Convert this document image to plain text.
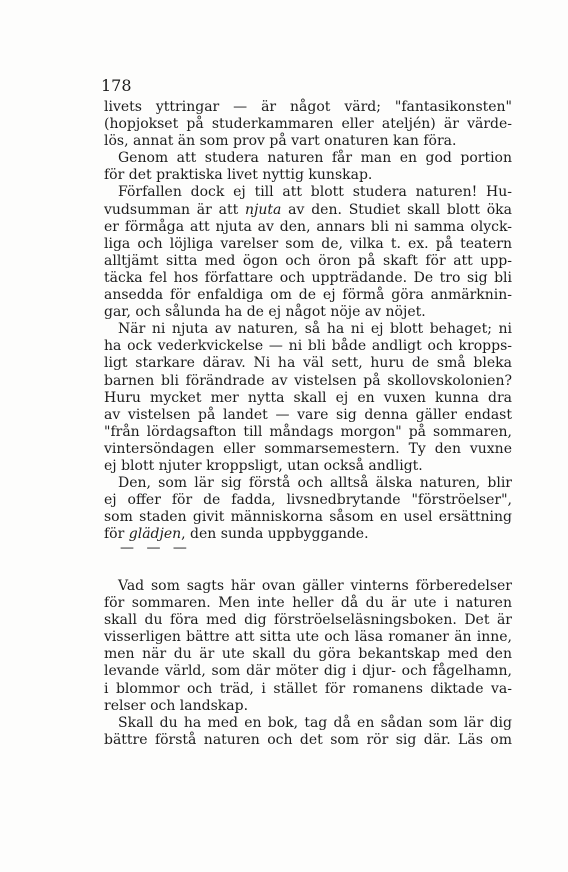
178
livets yttringar — är något värd; "fantasikonsten"
(hopjokset på studerkammaren eller ateljén) är värde-
lös, annat än som prov på vart onaturen kan föra.
Genom att studera naturen får man en god portion
för det praktiska livet nyttig kunskap.
Förfallen dock ej till att blott studera naturen! Hu-
vudsumman är att njuta av den. Studiet skall blott öka
er förmåga att njuta av den, annars bli ni samma olyck-
liga och löjliga varelser som de, vilka t. ex. på teatern
alltjämt sitta med ögon och öron på skaft för att upp-
täcka fel hos författare och uppträdande. De tro sig bli
ansedda för enfaldiga om de ej förmå göra anmärknin-
gar, och sålunda ha de ej något nöje av nöjet.
När ni njuta av naturen, så ha ni ej blott behaget; ni
ha ock vederkvickelse — ni bli både andligt och kropps-
ligt starkare därav. Ni ha väl sett, huru de små bleka
barnen bli förändrade av vistelsen på skollovskolonien?
Huru mycket mer nytta skall ej en vuxen kunna dra
av vistelsen på landet — vare sig denna gäller endast
"från lördagsafton till måndags morgon" på sommaren,
vintersöndagen eller sommarsemestern. Ty den vuxne
ej blott njuter kroppsligt, utan också andligt.
Den, som lär sig förstå och alltså älska naturen, blir
ej offer för de fadda, livsnedbrytande "förströelser",
som staden givit människorna såsom en usel ersättning
för glädjen, den sunda uppbyggande.
— — —
Vad som sagts här ovan gäller vinterns förberedelser
för sommaren. Men inte heller då du är ute i naturen
skall du föra med dig förströelseläsningsboken. Det är
visserligen bättre att sitta ute och läsa romaner än inne,
men när du är ute skall du göra bekantskap med den
levande värld, som där möter dig i djur- och fågelhamn,
i blommor och träd, i stället för romanens diktade va-
relser och landskap.
Skall du ha med en bok, tag då en sådan som lär dig
bättre förstå naturen och det som rör sig där. Läs om
